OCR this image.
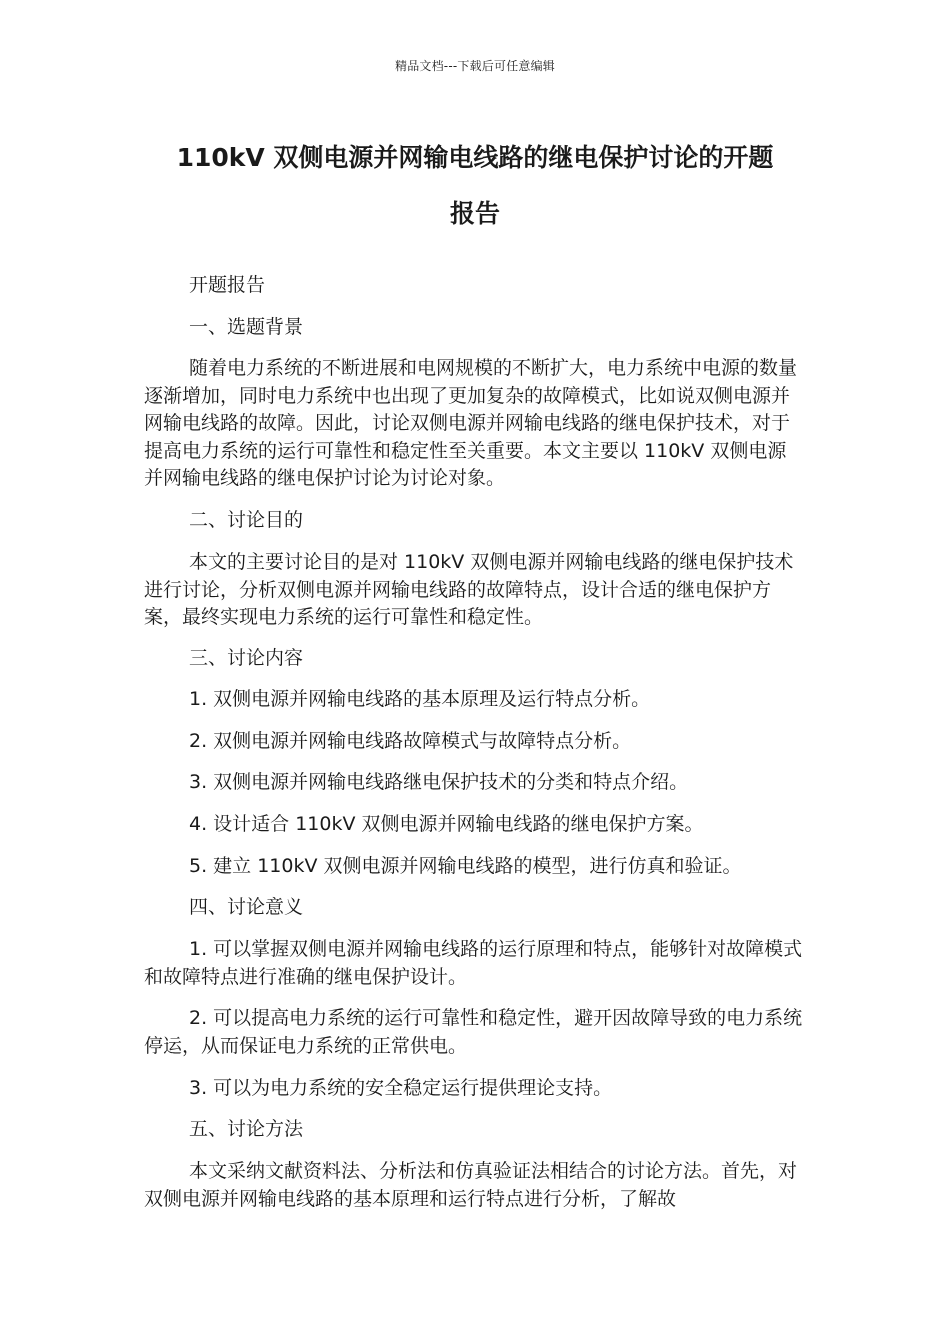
精品文档---下载后可任意编辑
110kV 双侧电源并网输电线路的继电保护讨论的开题
报告

开题报告

一、选题背景

随着电力系统的不断进展和电网规模的不断扩大，电力系统中电源的数量逐渐增加，同时电力系统中也出现了更加复杂的故障模式，比如说双侧电源并网输电线路的故障。因此，讨论双侧电源并网输电线路的继电保护技术，对于提高电力系统的运行可靠性和稳定性至关重要。本文主要以 110kV 双侧电源并网输电线路的继电保护讨论为讨论对象。

二、讨论目的

本文的主要讨论目的是对 110kV 双侧电源并网输电线路的继电保护技术进行讨论，分析双侧电源并网输电线路的故障特点，设计合适的继电保护方案，最终实现电力系统的运行可靠性和稳定性。

三、讨论内容

1. 双侧电源并网输电线路的基本原理及运行特点分析。

2. 双侧电源并网输电线路故障模式与故障特点分析。

3. 双侧电源并网输电线路继电保护技术的分类和特点介绍。

4. 设计适合 110kV 双侧电源并网输电线路的继电保护方案。

5. 建立 110kV 双侧电源并网输电线路的模型，进行仿真和验证。

四、讨论意义

1. 可以掌握双侧电源并网输电线路的运行原理和特点，能够针对故障模式和故障特点进行准确的继电保护设计。

2. 可以提高电力系统的运行可靠性和稳定性，避开因故障导致的电力系统停运，从而保证电力系统的正常供电。

3. 可以为电力系统的安全稳定运行提供理论支持。

五、讨论方法

本文采纳文献资料法、分析法和仿真验证法相结合的讨论方法。首先，对双侧电源并网输电线路的基本原理和运行特点进行分析，了解故
